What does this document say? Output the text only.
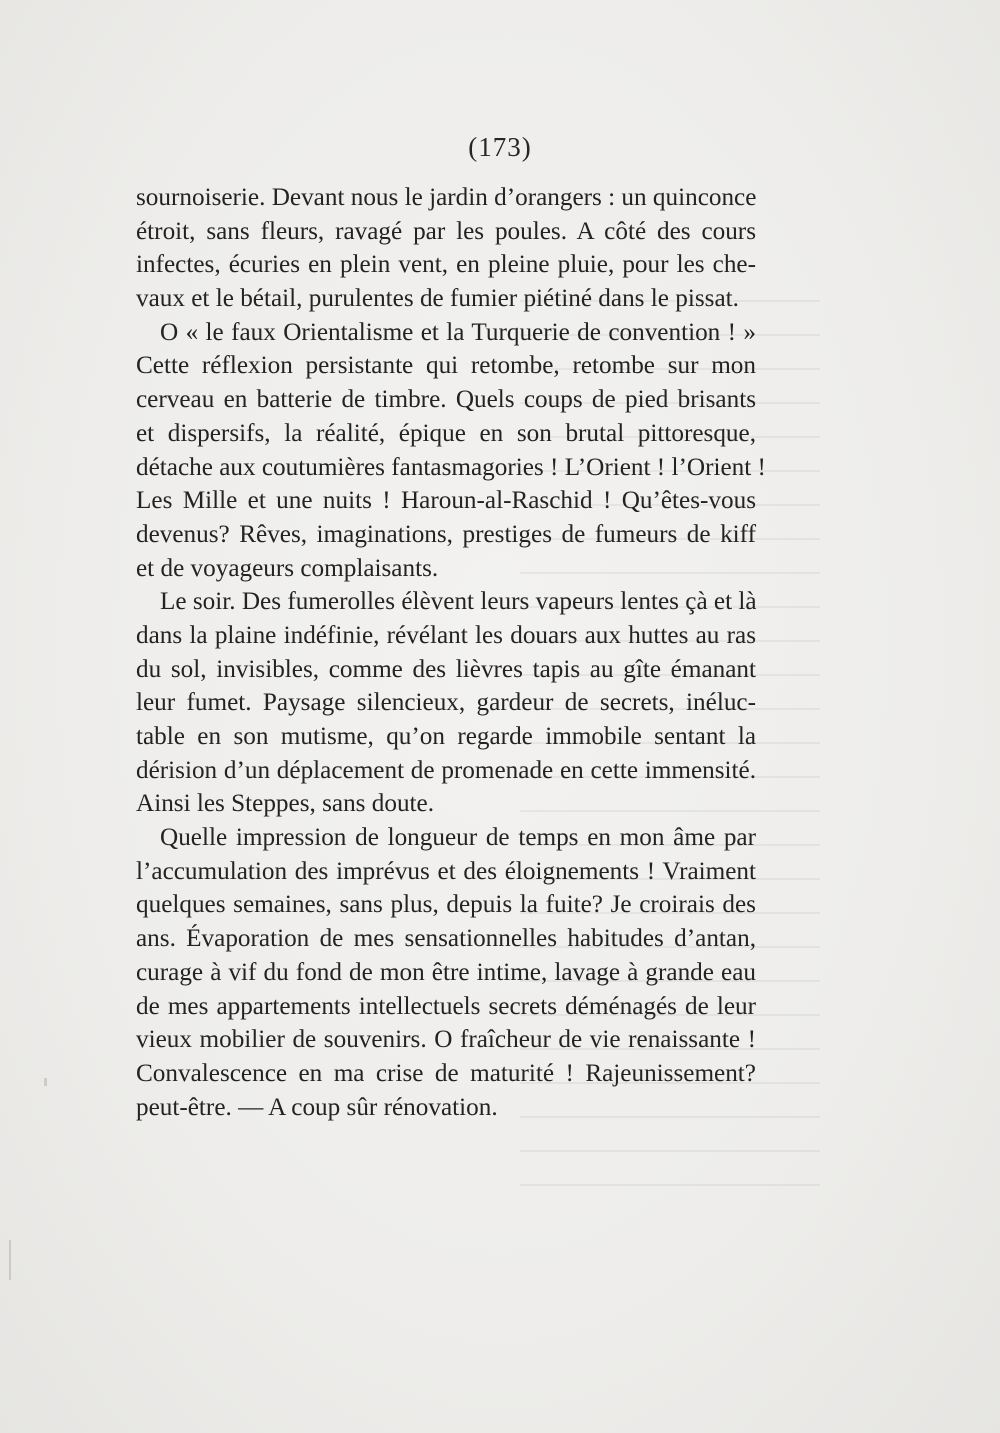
(173)
sournoiserie. Devant nous le jardin d’orangers : un quinconce
étroit, sans fleurs, ravagé par les poules. A côté des cours
infectes, écuries en plein vent, en pleine pluie, pour les che-
vaux et le bétail, purulentes de fumier piétiné dans le pissat.
O « le faux Orientalisme et la Turquerie de convention ! »
Cette réflexion persistante qui retombe, retombe sur mon
cerveau en batterie de timbre. Quels coups de pied brisants
et dispersifs, la réalité, épique en son brutal pittoresque,
détache aux coutumières fantasmagories ! L’Orient ! l’Orient !
Les Mille et une nuits ! Haroun-al-Raschid ! Qu’êtes-vous
devenus? Rêves, imaginations, prestiges de fumeurs de kiff
et de voyageurs complaisants.
Le soir. Des fumerolles élèvent leurs vapeurs lentes çà et là
dans la plaine indéfinie, révélant les douars aux huttes au ras
du sol, invisibles, comme des lièvres tapis au gîte émanant
leur fumet. Paysage silencieux, gardeur de secrets, inéluc-
table en son mutisme, qu’on regarde immobile sentant la
dérision d’un déplacement de promenade en cette immensité.
Ainsi les Steppes, sans doute.
Quelle impression de longueur de temps en mon âme par
l’accumulation des imprévus et des éloignements ! Vraiment
quelques semaines, sans plus, depuis la fuite? Je croirais des
ans. Évaporation de mes sensationnelles habitudes d’antan,
curage à vif du fond de mon être intime, lavage à grande eau
de mes appartements intellectuels secrets déménagés de leur
vieux mobilier de souvenirs. O fraîcheur de vie renaissante !
Convalescence en ma crise de maturité ! Rajeunissement?
peut-être. — A coup sûr rénovation.
